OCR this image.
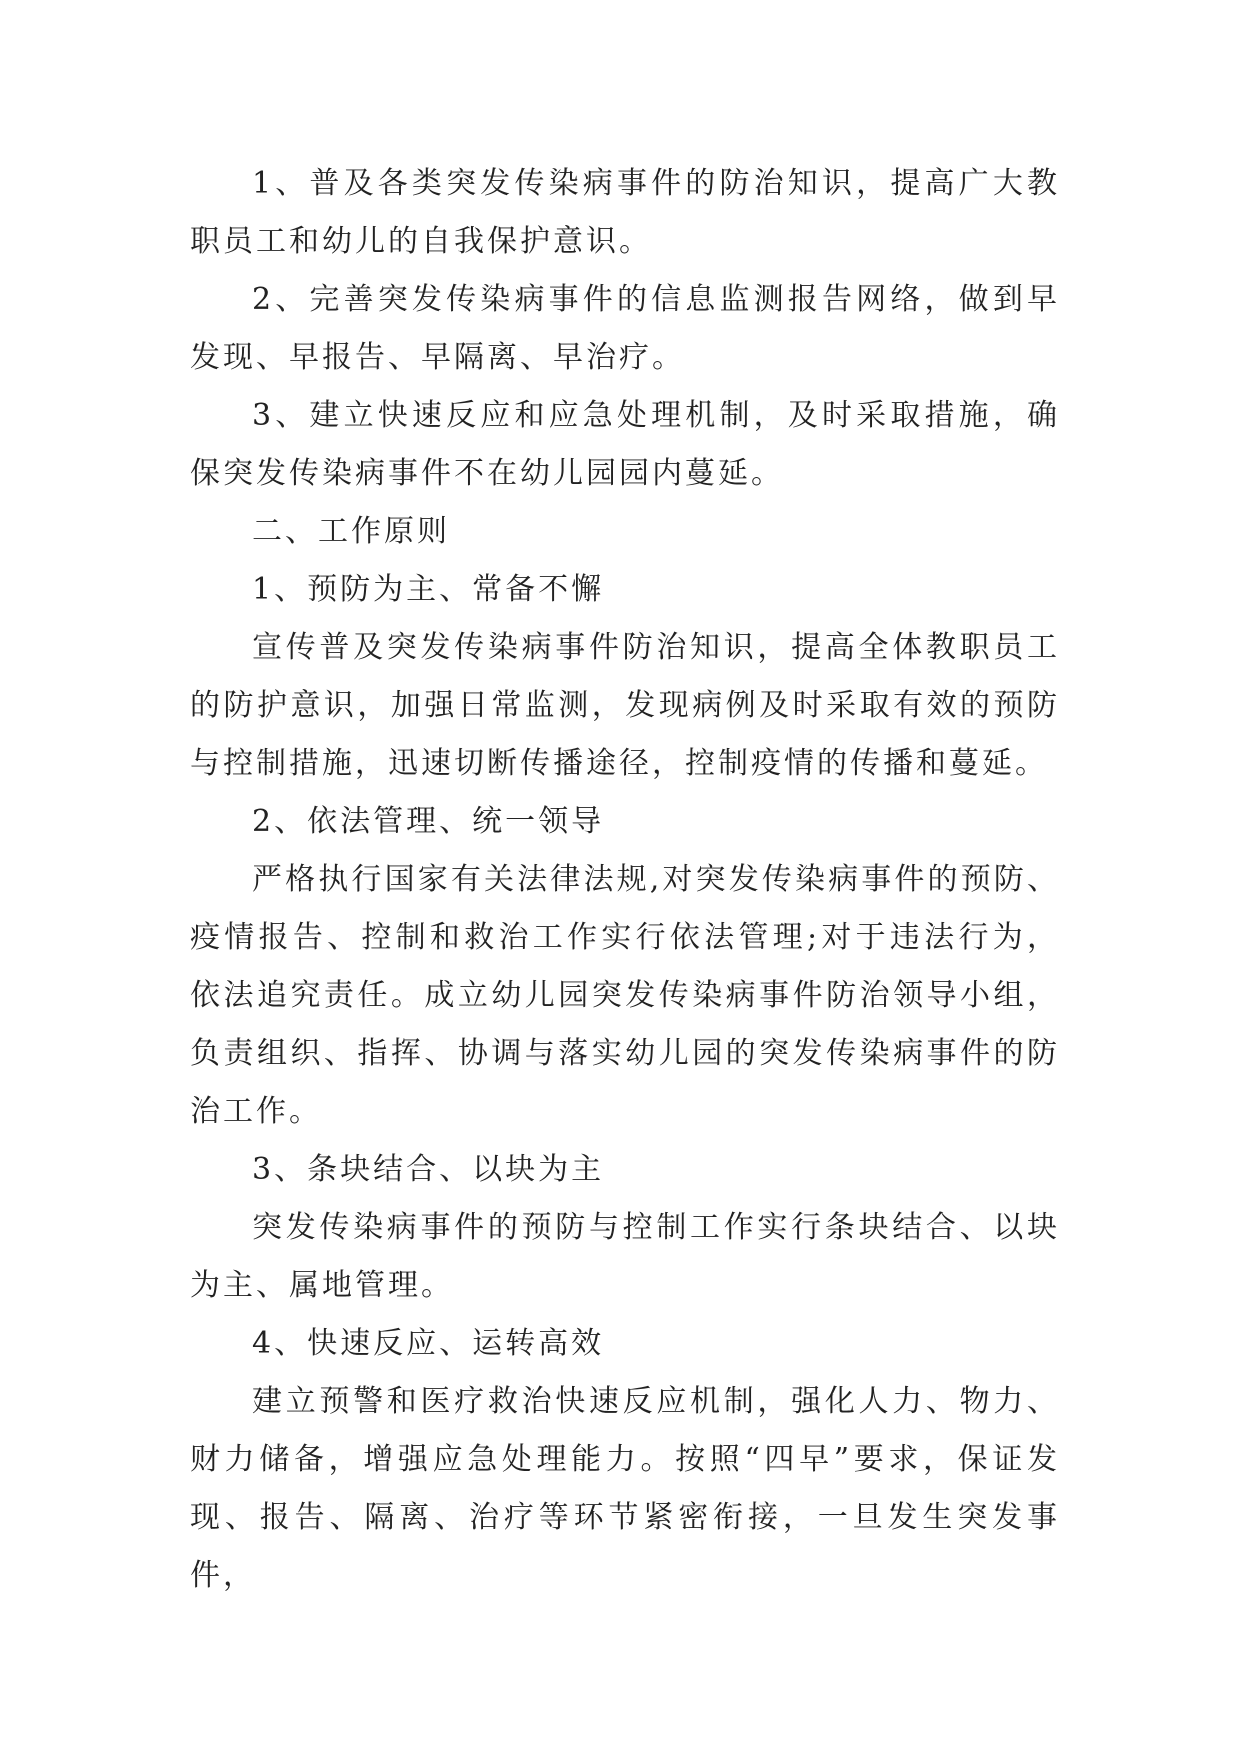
1、普及各类突发传染病事件的防治知识，提高广大教职员工和幼儿的自我保护意识。

2、完善突发传染病事件的信息监测报告网络，做到早发现、早报告、早隔离、早治疗。

3、建立快速反应和应急处理机制，及时采取措施，确保突发传染病事件不在幼儿园园内蔓延。

二、工作原则

1、预防为主、常备不懈

宣传普及突发传染病事件防治知识，提高全体教职员工的防护意识，加强日常监测，发现病例及时采取有效的预防与控制措施，迅速切断传播途径，控制疫情的传播和蔓延。

2、依法管理、统一领导

严格执行国家有关法律法规,对突发传染病事件的预防、疫情报告、控制和救治工作实行依法管理;对于违法行为，依法追究责任。成立幼儿园突发传染病事件防治领导小组，负责组织、指挥、协调与落实幼儿园的突发传染病事件的防治工作。

3、条块结合、以块为主

突发传染病事件的预防与控制工作实行条块结合、以块为主、属地管理。

4、快速反应、运转高效

建立预警和医疗救治快速反应机制，强化人力、物力、财力储备，增强应急处理能力。按照“四早”要求，保证发现、报告、隔离、治疗等环节紧密衔接，一旦发生突发事件，
